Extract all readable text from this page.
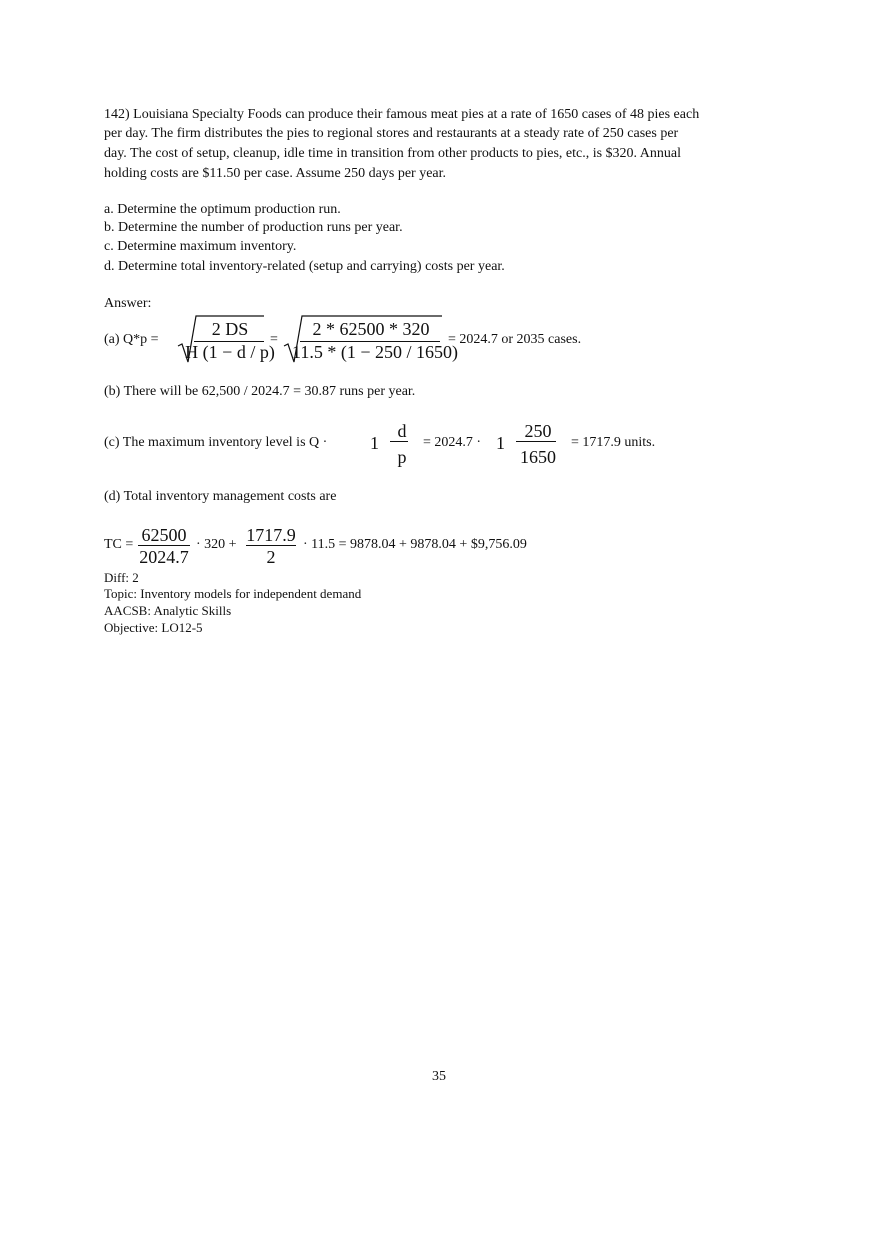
142) Louisiana Specialty Foods can produce their famous meat pies at a rate of 1650 cases of 48 pies each
per day. The firm distributes the pies to regional stores and restaurants at a steady rate of 250 cases per
day. The cost of setup, cleanup, idle time in transition from other products to pies, etc., is $320. Annual
holding costs are $11.50 per case. Assume 250 days per year.
a. Determine the optimum production run.
b. Determine the number of production runs per year.
c. Determine maximum inventory.
d. Determine total inventory-related (setup and carrying) costs per year.
Answer:
(a) Q*p =
2 DS
H (1 − d / p)
=
2 * 62500 * 320
11.5 * (1 − 250 / 1650)
= 2024.7 or 2035 cases.
(b) There will be 62,500 / 2024.7 = 30.87 runs per year.
(c) The maximum inventory level is Q · 1
d
p
= 2024.7 · 1
250
1650
= 1717.9 units.
(d) Total inventory management costs are
TC = 62500
2024.7
· 320 + 1717.9
2
· 11.5 = 9878.04 + 9878.04 + $9,756.09
Diff: 2
Topic: Inventory models for independent demand
AACSB: Analytic Skills
Objective: LO12-5
35
